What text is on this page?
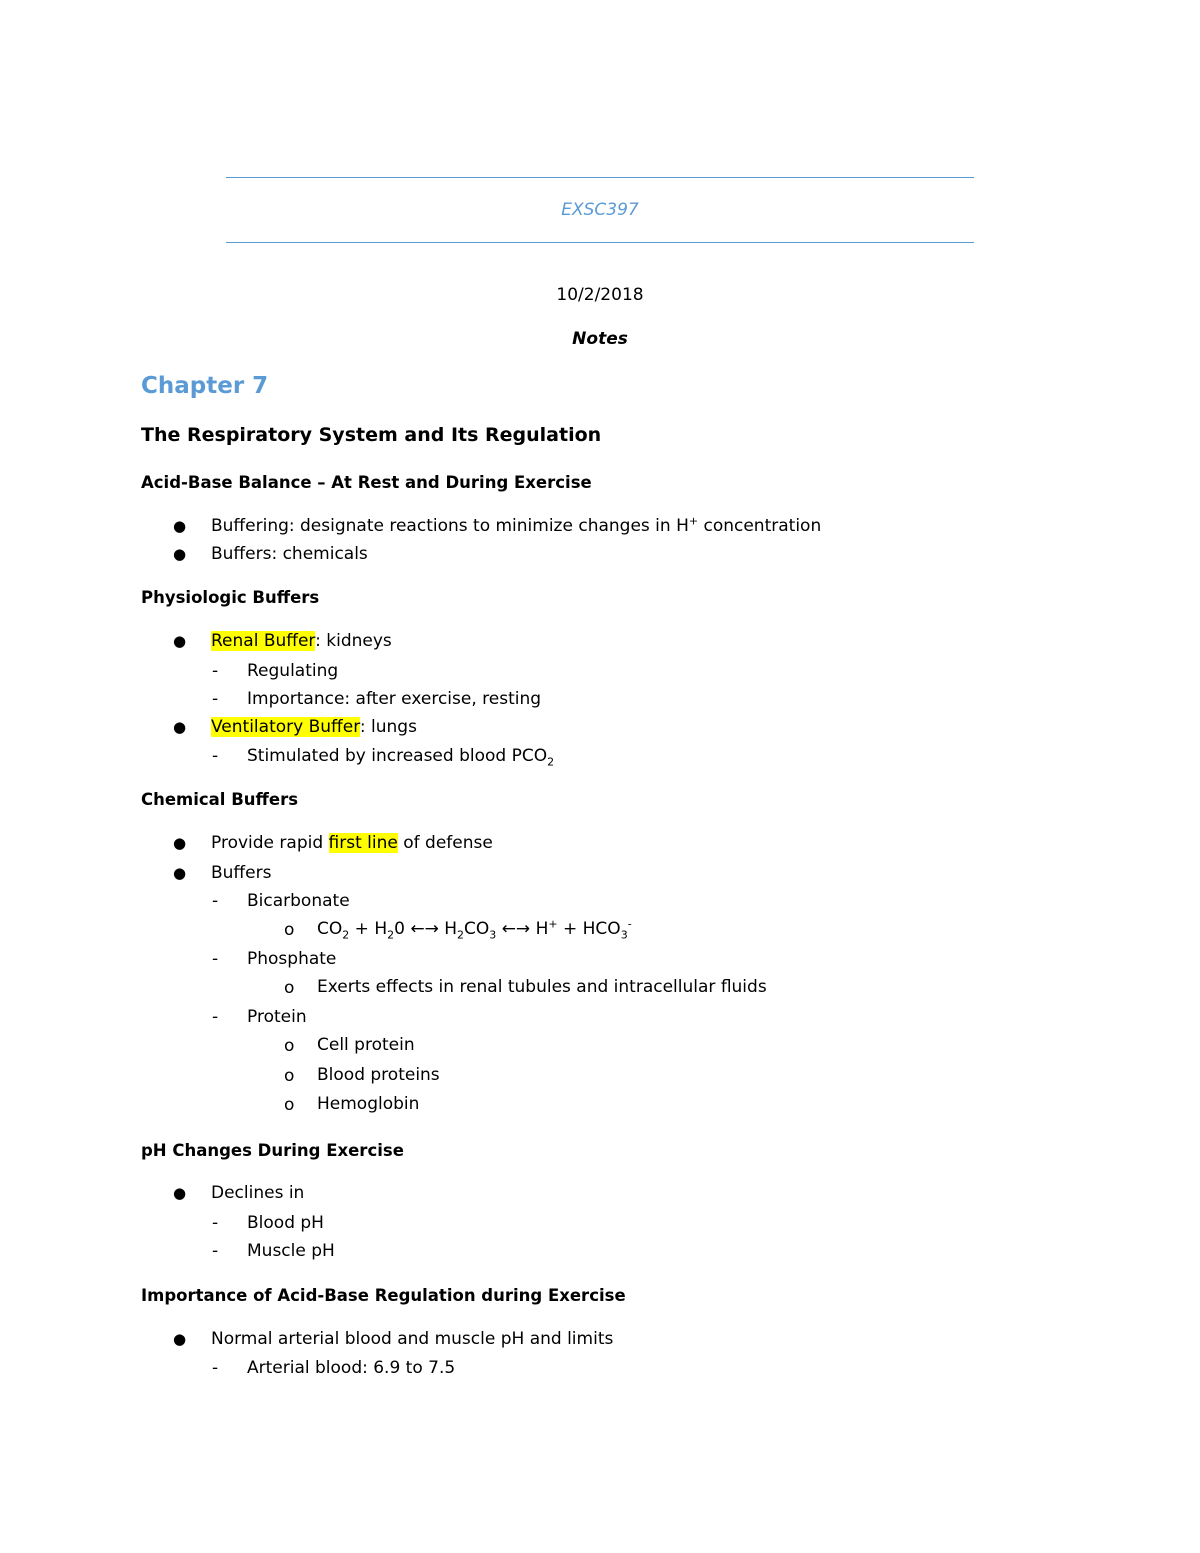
EXSC397
10/2/2018
Notes
Chapter 7
The Respiratory System and Its Regulation
Acid-Base Balance – At Rest and During Exercise
● Buffering: designate reactions to minimize changes in H+ concentration
● Buffers: chemicals
Physiologic Buffers
● Renal Buffer: kidneys
- Regulating
- Importance: after exercise, resting
● Ventilatory Buffer: lungs
- Stimulated by increased blood $PCO_2$
Chemical Buffers
● Provide rapid first line of defense
● Buffers
- Bicarbonate
o $CO_2 + H_20$ ←→ $H_2CO_3$ ←→ $H^+ + HCO_3^-$
- Phosphate
o Exerts effects in renal tubules and intracellular fluids
- Protein
o Cell protein
o Blood proteins
o Hemoglobin
pH Changes During Exercise
● Declines in
- Blood pH
- Muscle pH
Importance of Acid-Base Regulation during Exercise
● Normal arterial blood and muscle pH and limits
- Arterial blood: 6.9 to 7.5
